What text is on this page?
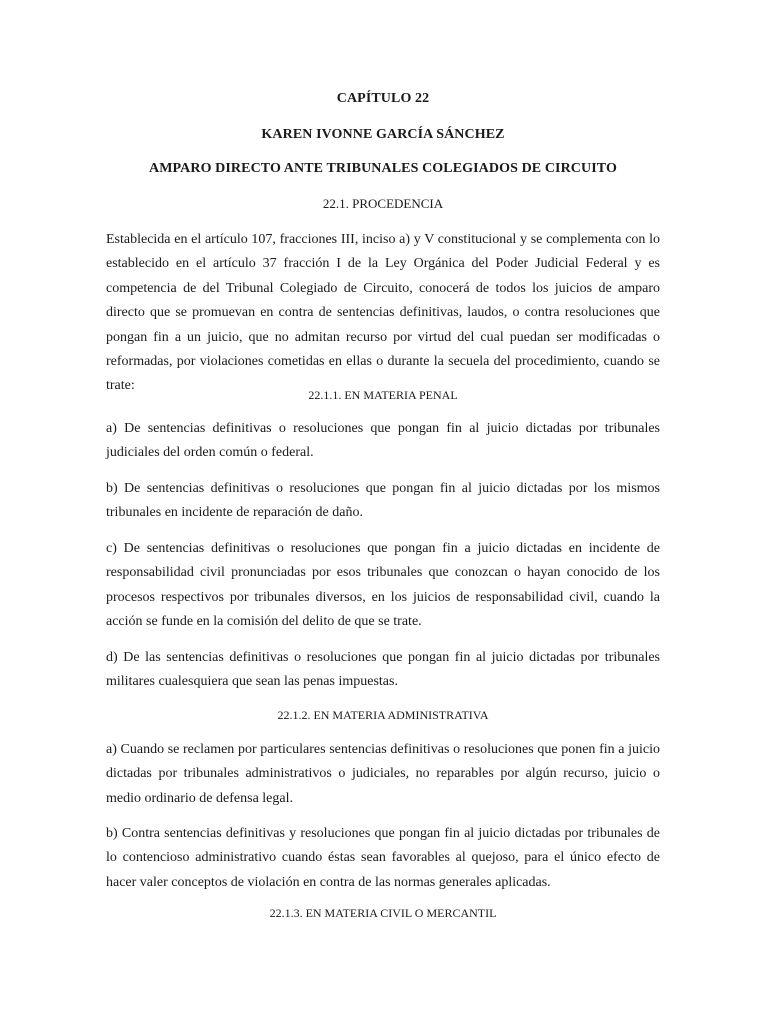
CAPÍTULO 22
KAREN IVONNE GARCÍA SÁNCHEZ
AMPARO DIRECTO ANTE TRIBUNALES COLEGIADOS DE CIRCUITO
22.1. PROCEDENCIA

Establecida en el artículo 107, fracciones III, inciso a) y V constitucional y se complementa con lo establecido en el artículo 37 fracción I de la Ley Orgánica del Poder Judicial Federal y es competencia de del Tribunal Colegiado de Circuito, conocerá de todos los juicios de amparo directo que se promuevan en contra de sentencias definitivas, laudos, o contra resoluciones que pongan fin a un juicio, que no admitan recurso por virtud del cual puedan ser modificadas o reformadas, por violaciones cometidas en ellas o durante la secuela del procedimiento, cuando se trate:

22.1.1. EN MATERIA PENAL

a) De sentencias definitivas o resoluciones que pongan fin al juicio dictadas por tribunales judiciales del orden común o federal.

b) De sentencias definitivas o resoluciones que pongan fin al juicio dictadas por los mismos tribunales en incidente de reparación de daño.

c) De sentencias definitivas o resoluciones que pongan fin a juicio dictadas en incidente de responsabilidad civil pronunciadas por esos tribunales que conozcan o hayan conocido de los procesos respectivos por tribunales diversos, en los juicios de responsabilidad civil, cuando la acción se funde en la comisión del delito de que se trate.

d) De las sentencias definitivas o resoluciones que pongan fin al juicio dictadas por tribunales militares cualesquiera que sean las penas impuestas.

22.1.2. EN MATERIA ADMINISTRATIVA

a) Cuando se reclamen por particulares sentencias definitivas o resoluciones que ponen fin a juicio dictadas por tribunales administrativos o judiciales, no reparables por algún recurso, juicio o medio ordinario de defensa legal.

b) Contra sentencias definitivas y resoluciones que pongan fin al juicio dictadas por tribunales de lo contencioso administrativo cuando éstas sean favorables al quejoso, para el único efecto de hacer valer conceptos de violación en contra de las normas generales aplicadas.

22.1.3. EN MATERIA CIVIL O MERCANTIL
